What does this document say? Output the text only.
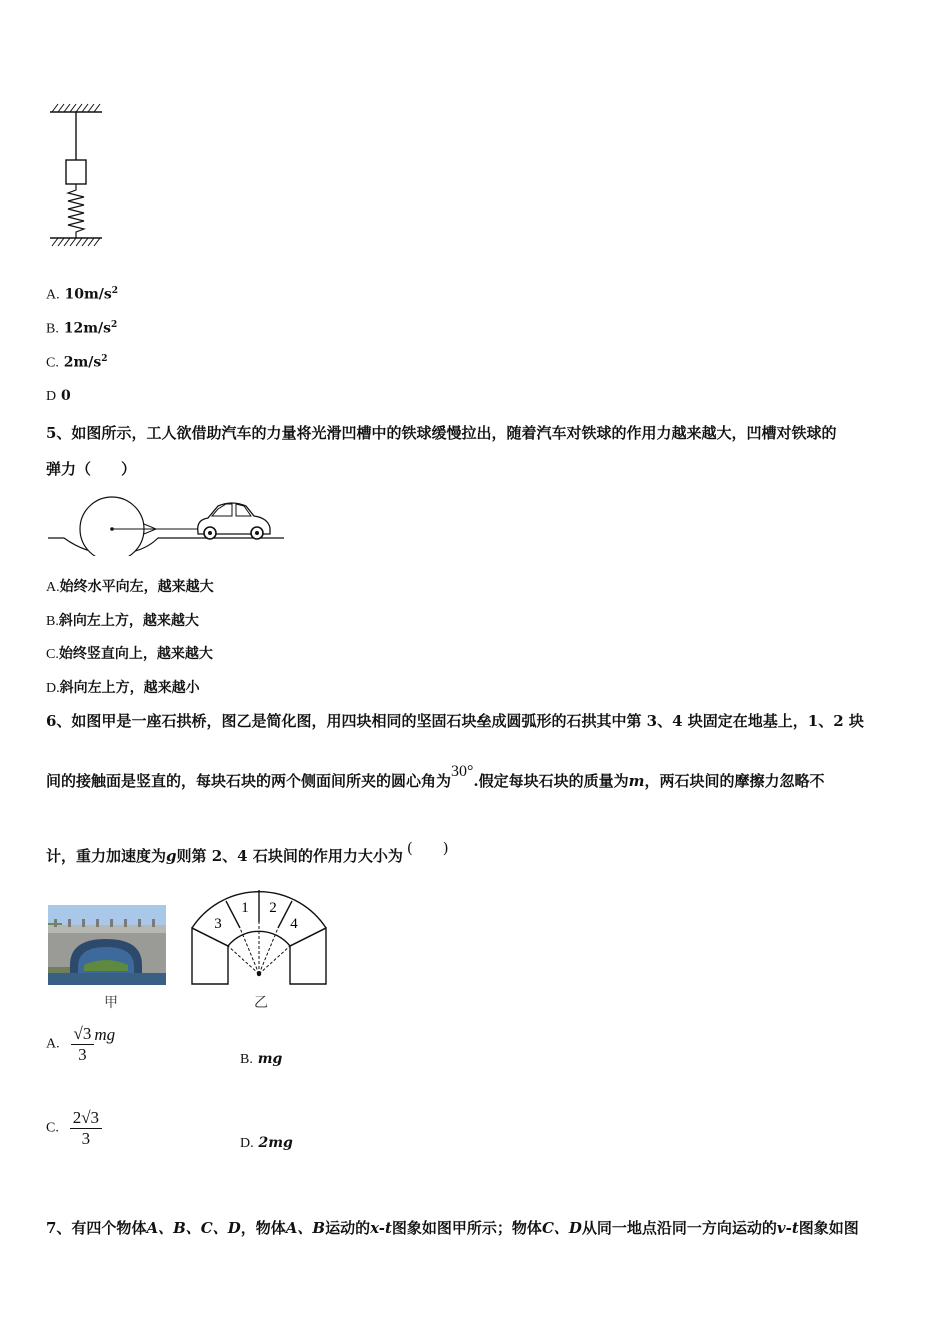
A. $10m/s^2$
B. $12m/s^2$
C. $2m/s^2$
D 0
5、如图所示，工人欲借助汽车的力量将光滑凹槽中的铁球缓慢拉出，随着汽车对铁球的作用力越来越大，凹槽对铁球的
弹力（　　）
A.始终水平向左，越来越大
B.斜向左上方，越来越大
C.始终竖直向上，越来越大
D.斜向左上方，越来越小
6、如图甲是一座石拱桥，图乙是简化图，用四块相同的坚固石块垒成圆弧形的石拱其中第 3、4 块固定在地基上，1、2 块
间的接触面是竖直的，每块石块的两个侧面间所夹的圆心角为30°.假定每块石块的质量为m，两石块间的摩擦力忽略不
计，重力加速度为g则第 2、4 石块间的作用力大小为 (　　)
甲
3
1 2
4
乙
A. $\frac{√3}{3}$ mg
B. mg
C. $\frac{2√3}{3}$	D. 2mg
7、有四个物体A、B、C、D，物体A、B运动的x-t图象如图甲所示；物体C、D从同一地点沿同一方向运动的v-t图象如图
